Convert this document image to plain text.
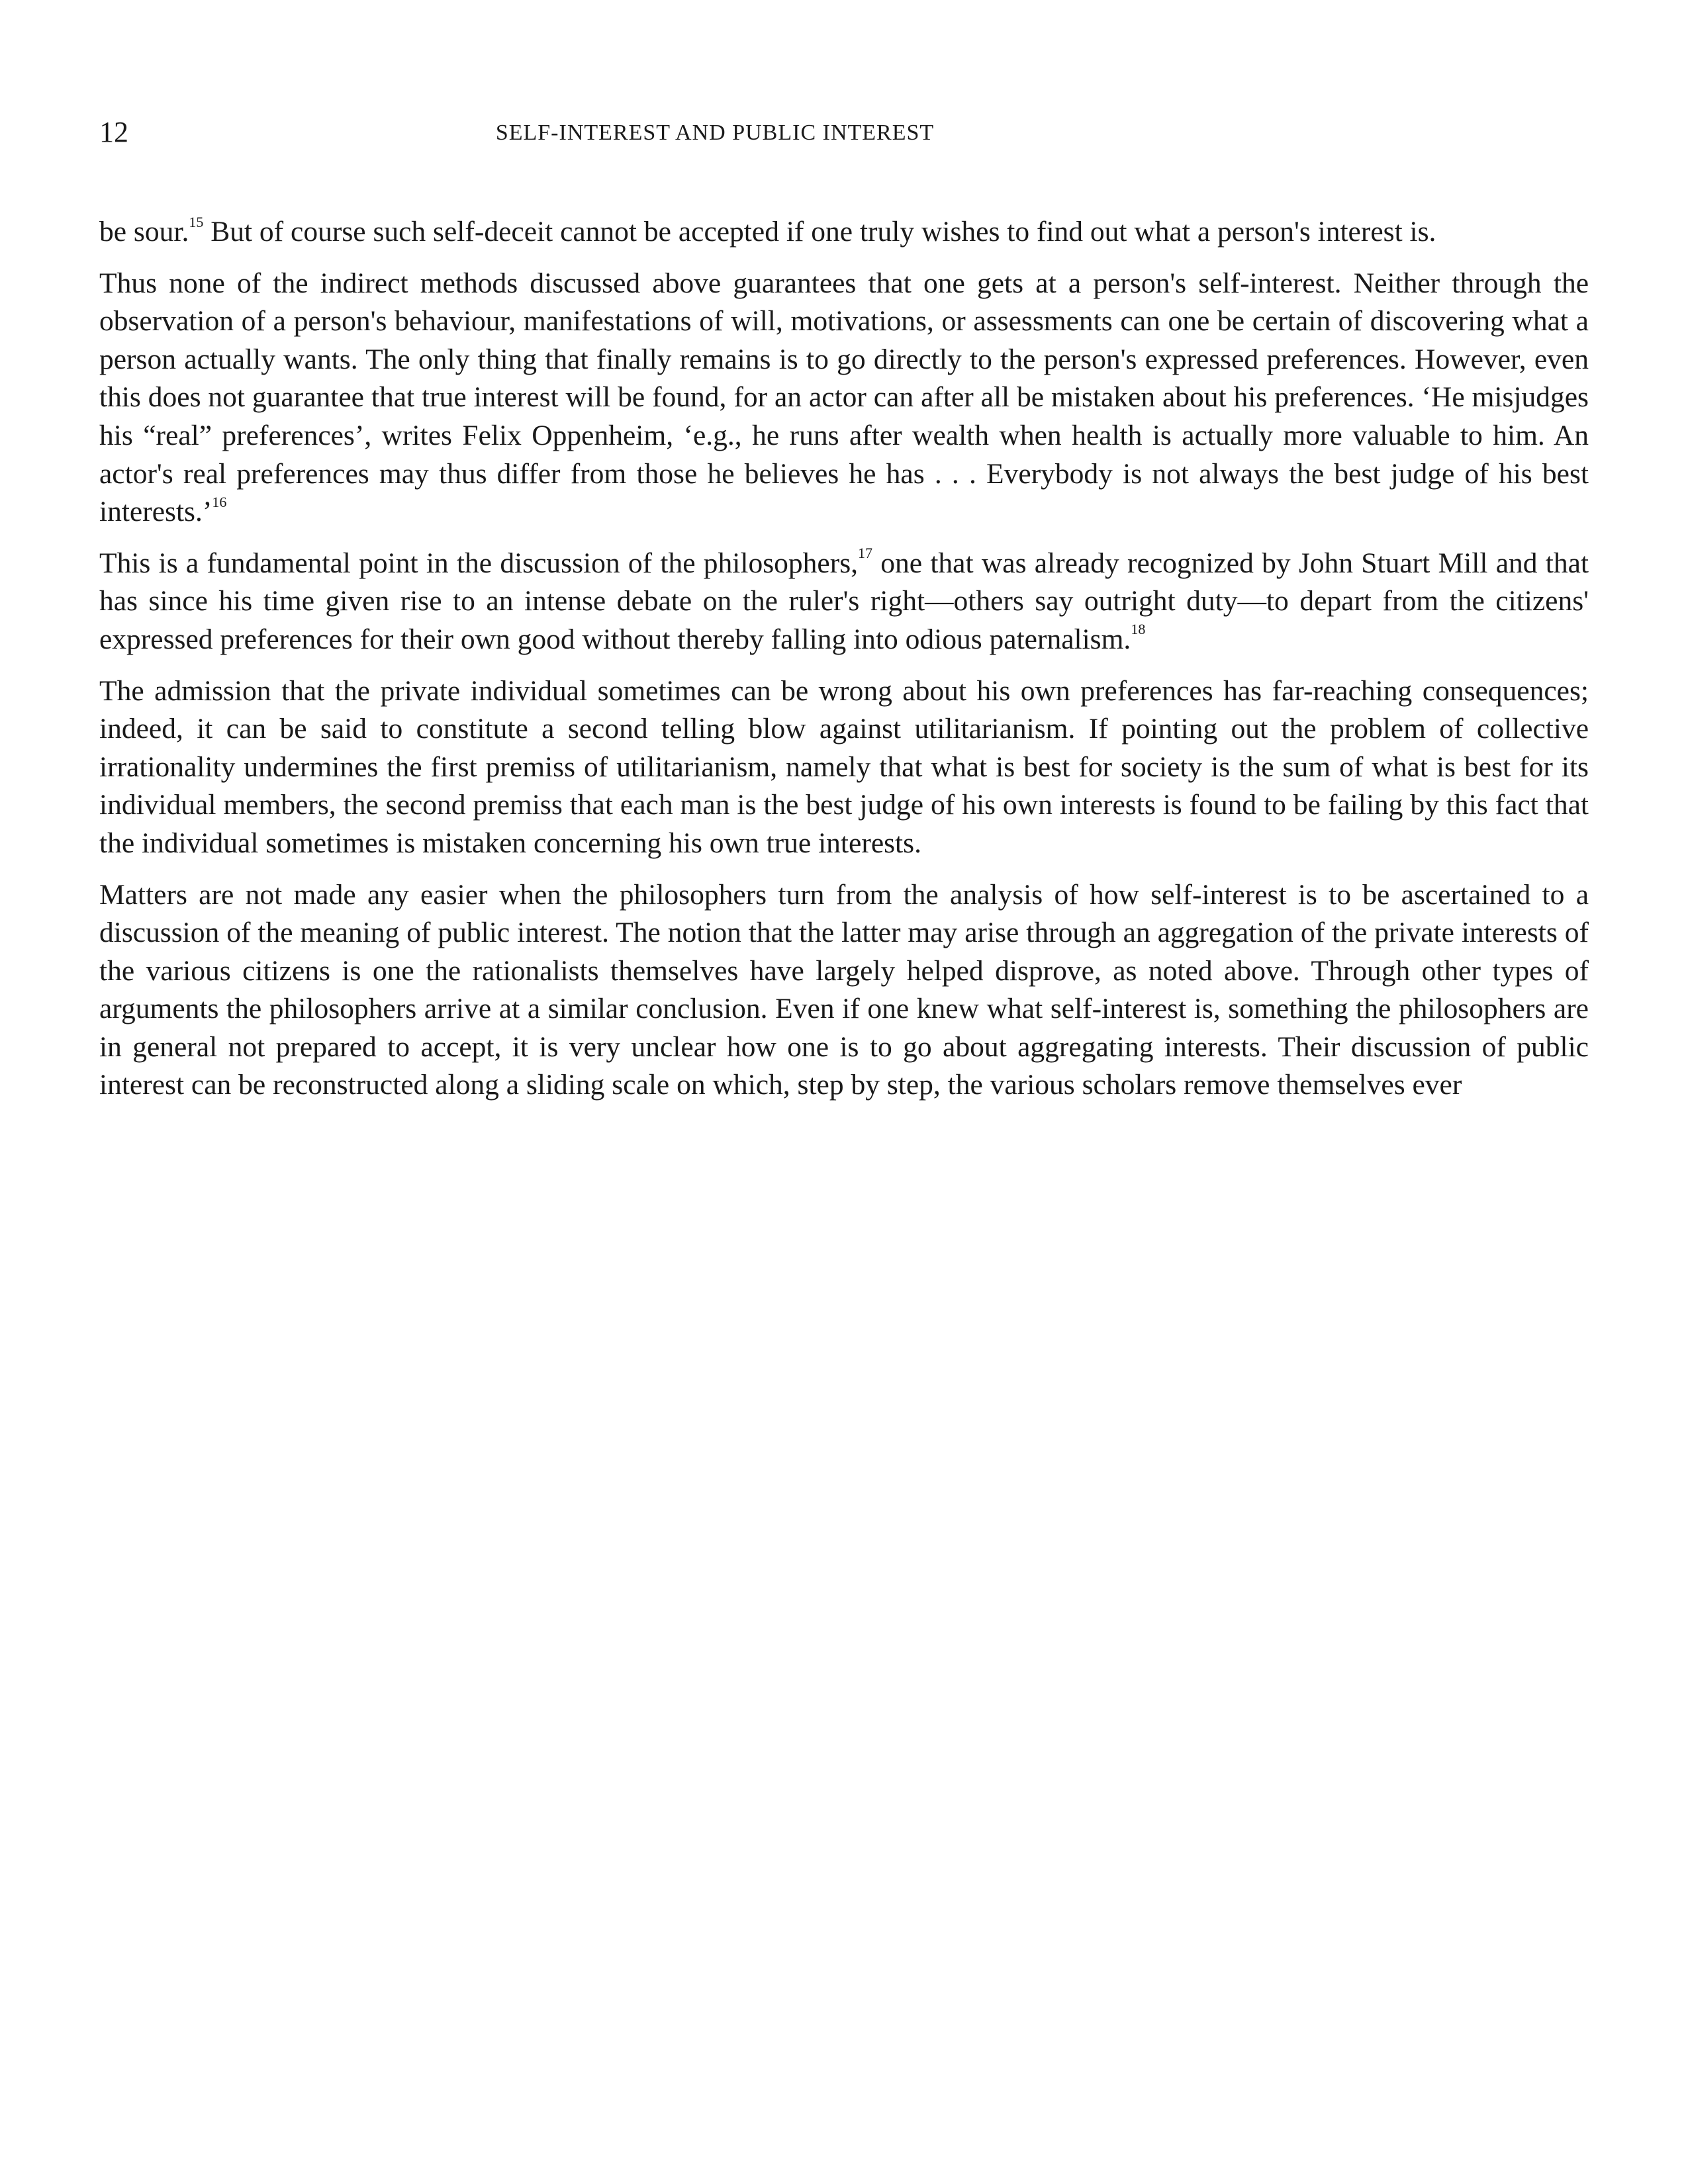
12	SELF-INTEREST AND PUBLIC INTEREST

be sour.$^{15}$ But of course such self-deceit cannot be accepted if one truly wishes to find out what a person's interest is.

Thus none of the indirect methods discussed above guarantees that one gets at a person's self-interest. Neither through the observation of a person's behaviour, manifestations of will, motivations, or assessments can one be certain of discovering what a person actually wants. The only thing that finally remains is to go directly to the person's expressed preferences. However, even this does not guarantee that true interest will be found, for an actor can after all be mistaken about his preferences. ‘He misjudges his “real” preferences’, writes Felix Oppenheim, ‘e.g., he runs after wealth when health is actually more valuable to him. An actor's real preferences may thus differ from those he believes he has . . . Everybody is not always the best judge of his best interests.’$^{16}$

This is a fundamental point in the discussion of the philosophers,$^{17}$ one that was already recognized by John Stuart Mill and that has since his time given rise to an intense debate on the ruler's right—others say outright duty—to depart from the citizens' expressed preferences for their own good without thereby falling into odious paternalism.$^{18}$

The admission that the private individual sometimes can be wrong about his own preferences has far-reaching consequences; indeed, it can be said to constitute a second telling blow against utilitarianism. If pointing out the problem of collective irrationality undermines the first premiss of utilitarianism, namely that what is best for society is the sum of what is best for its individual members, the second premiss that each man is the best judge of his own interests is found to be failing by this fact that the individual sometimes is mistaken concerning his own true interests.

Matters are not made any easier when the philosophers turn from the analysis of how self-interest is to be ascertained to a discussion of the meaning of public interest. The notion that the latter may arise through an aggregation of the private interests of the various citizens is one the rationalists themselves have largely helped disprove, as noted above. Through other types of arguments the philosophers arrive at a similar conclusion. Even if one knew what self-interest is, something the philosophers are in general not prepared to accept, it is very unclear how one is to go about aggregating interests. Their discussion of public interest can be reconstructed along a sliding scale on which, step by step, the various scholars remove themselves ever
